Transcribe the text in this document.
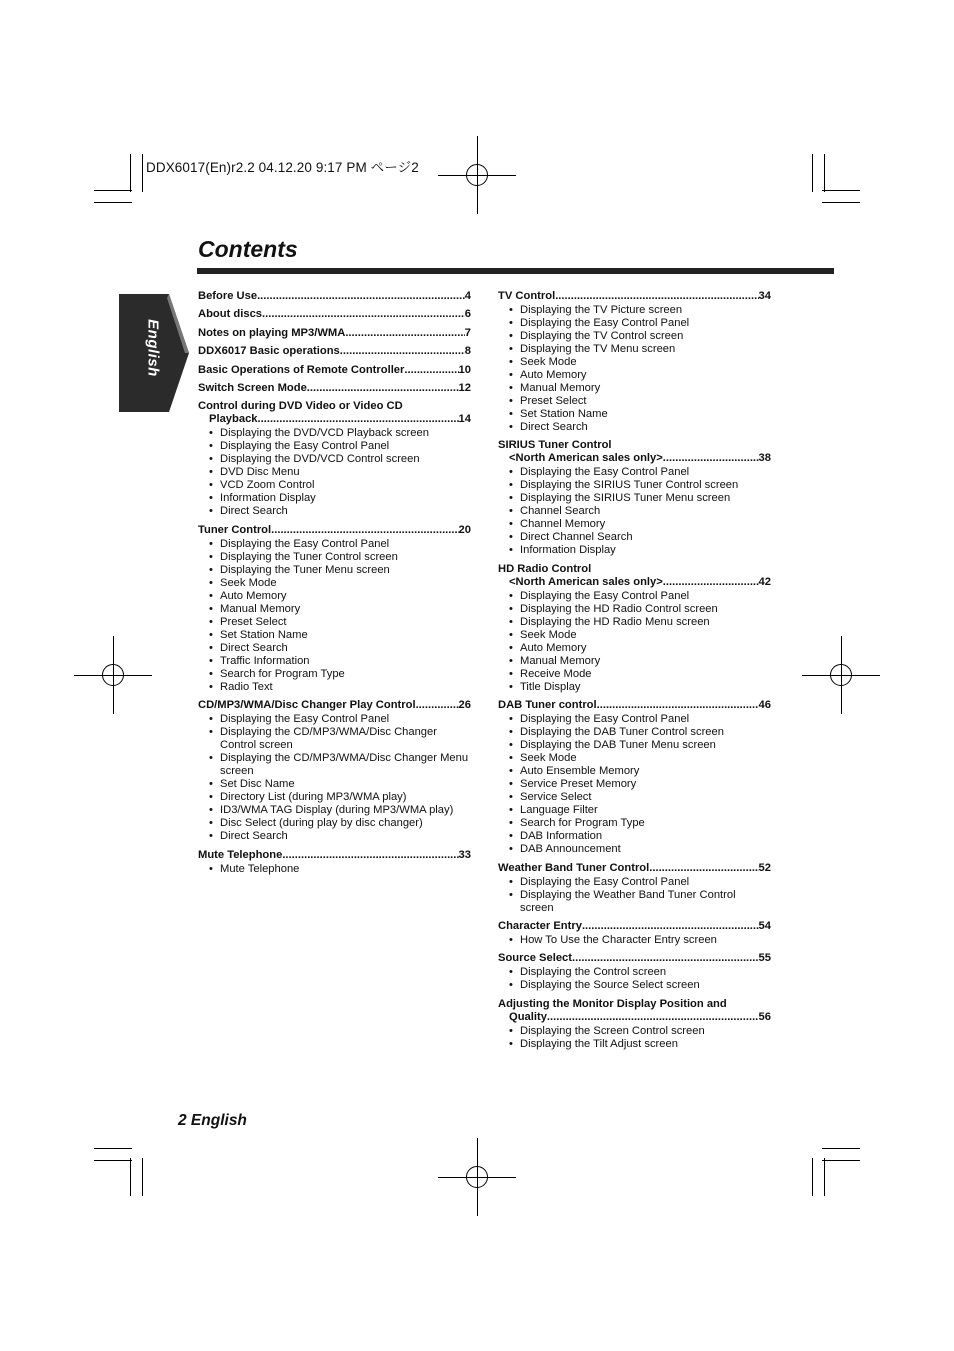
DDX6017(En)r2.2 04.12.20 9:17 PM ページ2
Contents
English
Before Use .....	4
About discs .....	6
Notes on playing MP3/WMA .....	7
DDX6017 Basic operations .....	8
Basic Operations of Remote Controller .....	10
Switch Screen Mode .....	12
Control during DVD Video or Video CD
Playback .....	14
• Displaying the DVD/VCD Playback screen
• Displaying the Easy Control Panel
• Displaying the DVD/VCD Control screen
• DVD Disc Menu
• VCD Zoom Control
• Information Display
• Direct Search
Tuner Control .....	20
• Displaying the Easy Control Panel
• Displaying the Tuner Control screen
• Displaying the Tuner Menu screen
• Seek Mode
• Auto Memory
• Manual Memory
• Preset Select
• Set Station Name
• Direct Search
• Traffic Information
• Search for Program Type
• Radio Text
CD/MP3/WMA/Disc Changer Play Control .....	26
• Displaying the Easy Control Panel
• Displaying the CD/MP3/WMA/Disc Changer Control screen
• Displaying the CD/MP3/WMA/Disc Changer Menu screen
• Set Disc Name
• Directory List (during MP3/WMA play)
• ID3/WMA TAG Display (during MP3/WMA play)
• Disc Select (during play by disc changer)
• Direct Search
Mute Telephone .....	33
• Mute Telephone
TV Control .....	34
• Displaying the TV Picture screen
• Displaying the Easy Control Panel
• Displaying the TV Control screen
• Displaying the TV Menu screen
• Seek Mode
• Auto Memory
• Manual Memory
• Preset Select
• Set Station Name
• Direct Search
SIRIUS Tuner Control
<North American sales only> .....	38
• Displaying the Easy Control Panel
• Displaying the SIRIUS Tuner Control screen
• Displaying the SIRIUS Tuner Menu screen
• Channel Search
• Channel Memory
• Direct Channel Search
• Information Display
HD Radio Control
<North American sales only> .....	42
• Displaying the Easy Control Panel
• Displaying the HD Radio Control screen
• Displaying the HD Radio Menu screen
• Seek Mode
• Auto Memory
• Manual Memory
• Receive Mode
• Title Display
DAB Tuner control .....	46
• Displaying the Easy Control Panel
• Displaying the DAB Tuner Control screen
• Displaying the DAB Tuner Menu screen
• Seek Mode
• Auto Ensemble Memory
• Service Preset Memory
• Service Select
• Language Filter
• Search for Program Type
• DAB Information
• DAB Announcement
Weather Band Tuner Control .....	52
• Displaying the Easy Control Panel
• Displaying the Weather Band Tuner Control screen
Character Entry .....	54
• How To Use the Character Entry screen
Source Select .....	55
• Displaying the Control screen
• Displaying the Source Select screen
Adjusting the Monitor Display Position and
Quality .....	56
• Displaying the Screen Control screen
• Displaying the Tilt Adjust screen
2 English
